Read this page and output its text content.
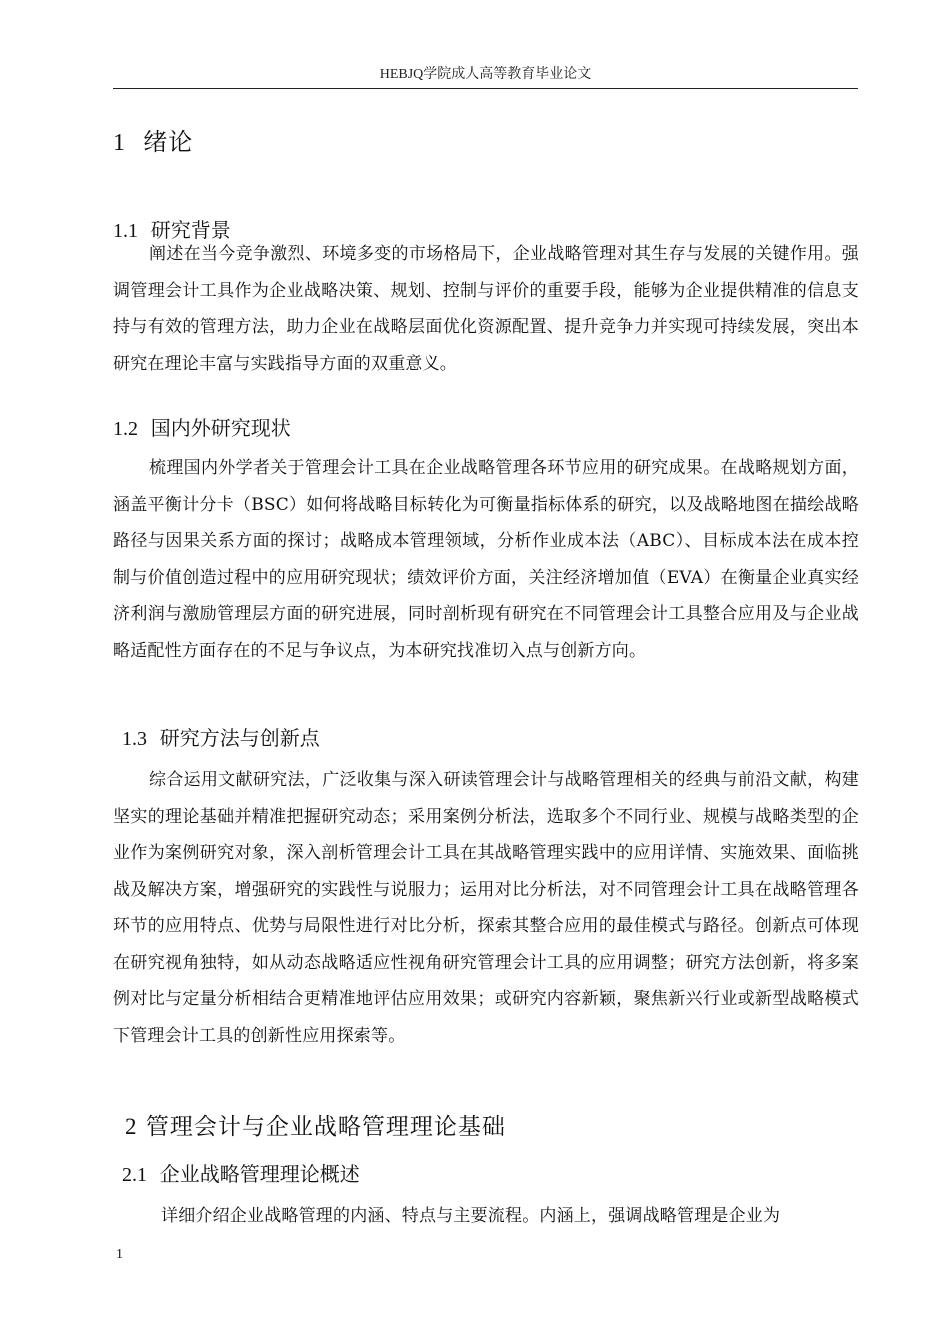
HEBJQ学院成人高等教育毕业论文
1 绪论
1.1 研究背景

阐述在当今竞争激烈、环境多变的市场格局下，企业战略管理对其生存与发展的关键作用。强调管理会计工具作为企业战略决策、规划、控制与评价的重要手段，能够为企业提供精准的信息支持与有效的管理方法，助力企业在战略层面优化资源配置、提升竞争力并实现可持续发展，突出本研究在理论丰富与实践指导方面的双重意义。

1.2 国内外研究现状

梳理国内外学者关于管理会计工具在企业战略管理各环节应用的研究成果。在战略规划方面，涵盖平衡计分卡（BSC）如何将战略目标转化为可衡量指标体系的研究，以及战略地图在描绘战略路径与因果关系方面的探讨；战略成本管理领域，分析作业成本法（ABC）、目标成本法在成本控制与价值创造过程中的应用研究现状；绩效评价方面，关注经济增加值（EVA）在衡量企业真实经济利润与激励管理层方面的研究进展，同时剖析现有研究在不同管理会计工具整合应用及与企业战略适配性方面存在的不足与争议点，为本研究找准切入点与创新方向。

1.3 研究方法与创新点

综合运用文献研究法，广泛收集与深入研读管理会计与战略管理相关的经典与前沿文献，构建坚实的理论基础并精准把握研究动态；采用案例分析法，选取多个不同行业、规模与战略类型的企业作为案例研究对象，深入剖析管理会计工具在其战略管理实践中的应用详情、实施效果、面临挑战及解决方案，增强研究的实践性与说服力；运用对比分析法，对不同管理会计工具在战略管理各环节的应用特点、优势与局限性进行对比分析，探索其整合应用的最佳模式与路径。创新点可体现在研究视角独特，如从动态战略适应性视角研究管理会计工具的应用调整；研究方法创新，将多案例对比与定量分析相结合更精准地评估应用效果；或研究内容新颖，聚焦新兴行业或新型战略模式下管理会计工具的创新性应用探索等。

2 管理会计与企业战略管理理论基础
2.1 企业战略管理理论概述

详细介绍企业战略管理的内涵、特点与主要流程。内涵上，强调战略管理是企业为

1
